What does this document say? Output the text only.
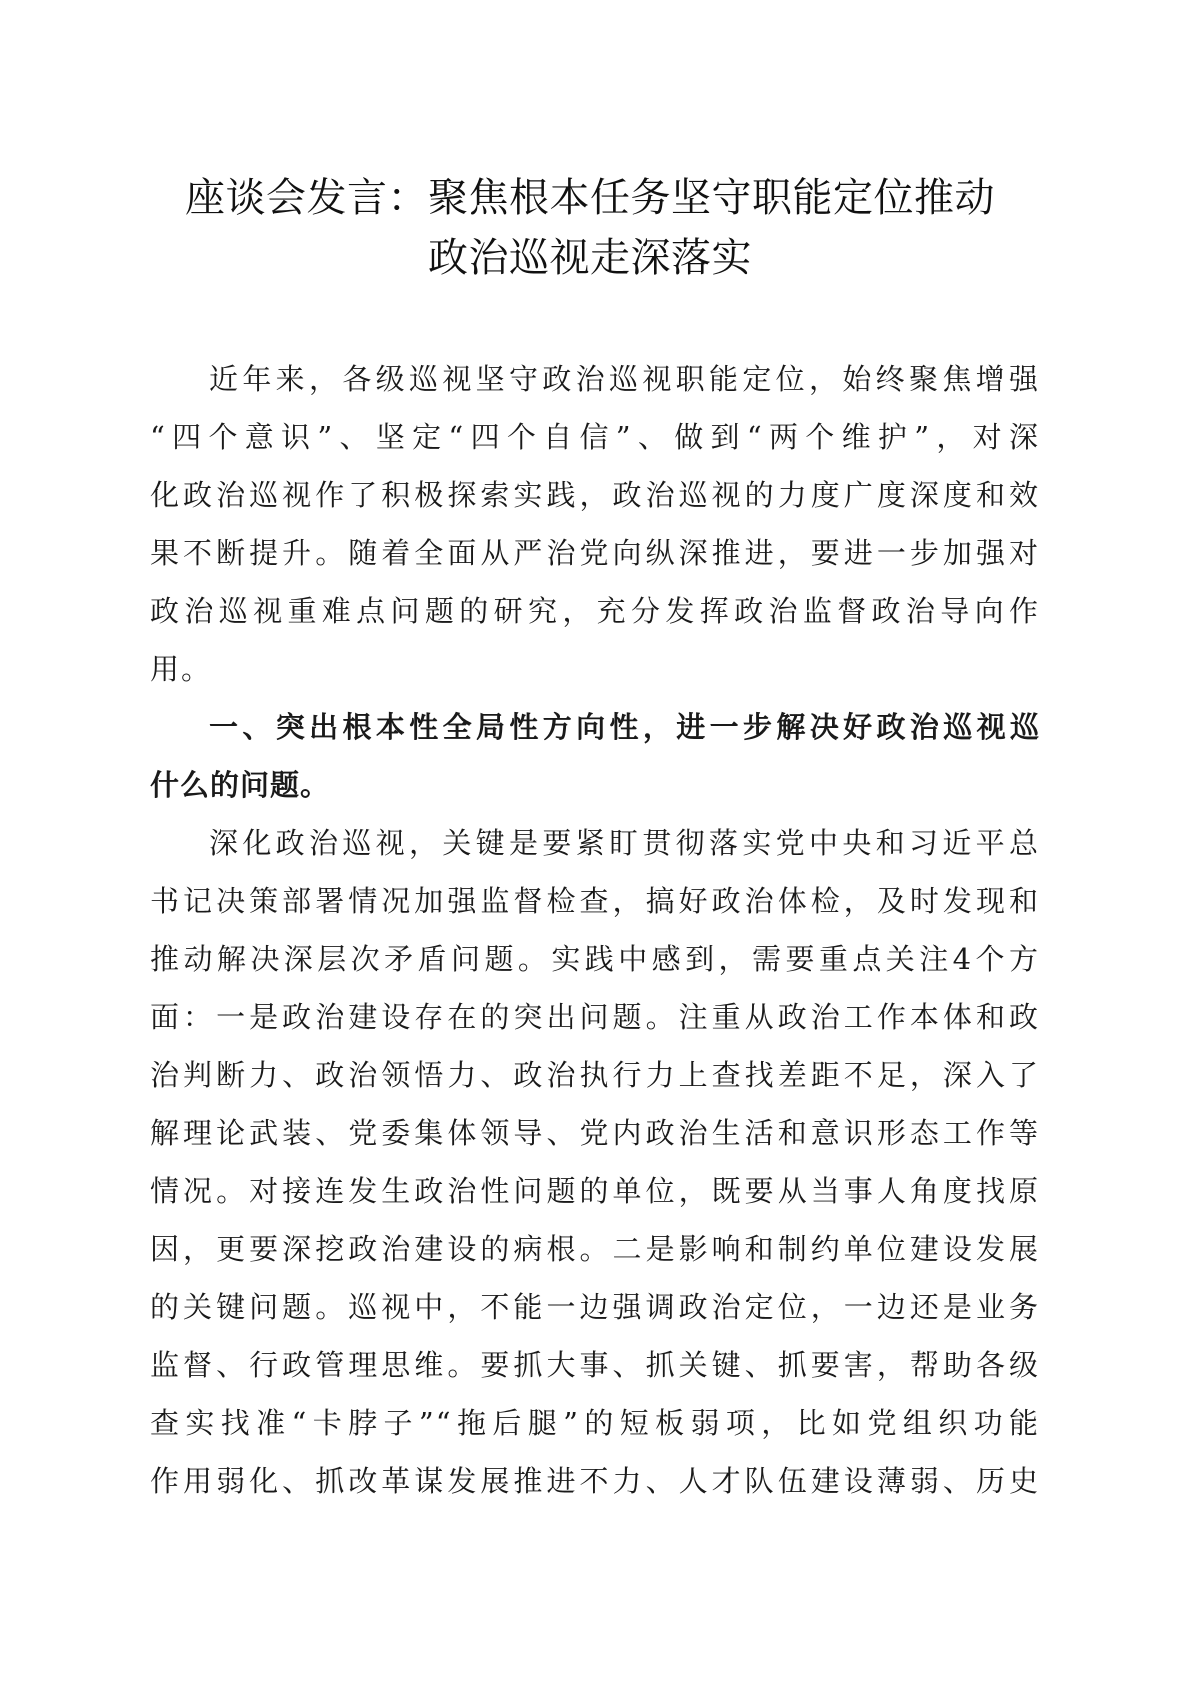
座谈会发言：聚焦根本任务坚守职能定位推动
政治巡视走深落实
近年来，各级巡视坚守政治巡视职能定位，始终聚焦增强
“四个意识”、坚定“四个自信”、做到“两个维护”，对深
化政治巡视作了积极探索实践，政治巡视的力度广度深度和效
果不断提升。随着全面从严治党向纵深推进，要进一步加强对
政治巡视重难点问题的研究，充分发挥政治监督政治导向作
用。
一、突出根本性全局性方向性，进一步解决好政治巡视巡
什么的问题。
深化政治巡视，关键是要紧盯贯彻落实党中央和习近平总
书记决策部署情况加强监督检查，搞好政治体检，及时发现和
推动解决深层次矛盾问题。实践中感到，需要重点关注4个方
面：一是政治建设存在的突出问题。注重从政治工作本体和政
治判断力、政治领悟力、政治执行力上查找差距不足，深入了
解理论武装、党委集体领导、党内政治生活和意识形态工作等
情况。对接连发生政治性问题的单位，既要从当事人角度找原
因，更要深挖政治建设的病根。二是影响和制约单位建设发展
的关键问题。巡视中，不能一边强调政治定位，一边还是业务
监督、行政管理思维。要抓大事、抓关键、抓要害，帮助各级
查实找准“卡脖子”“拖后腿”的短板弱项，比如党组织功能
作用弱化、抓改革谋发展推进不力、人才队伍建设薄弱、历史
